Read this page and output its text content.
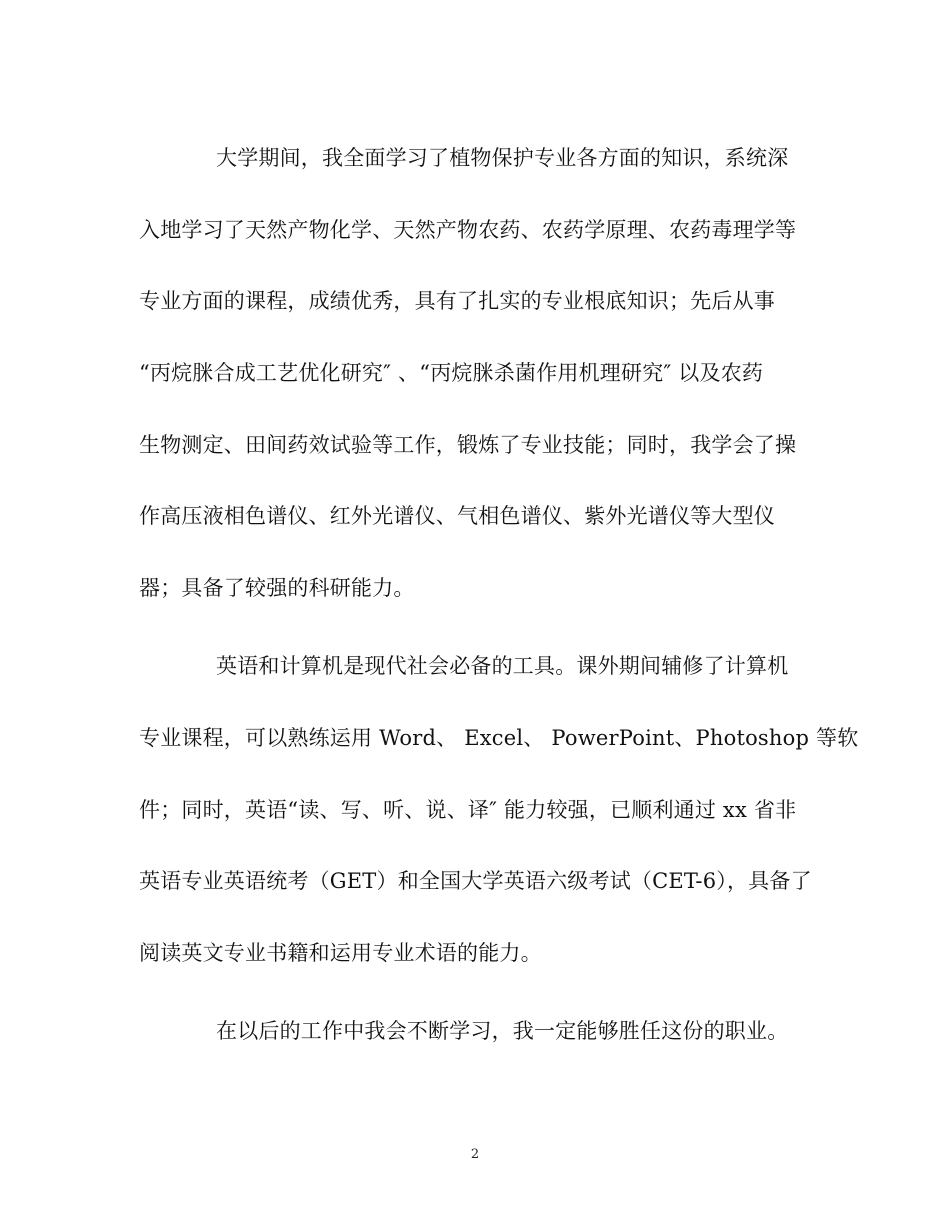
大学期间，我全面学习了植物保护专业各方面的知识，系统深
入地学习了天然产物化学、天然产物农药、农药学原理、农药毒理学等
专业方面的课程，成绩优秀，具有了扎实的专业根底知识；先后从事
“丙烷脒合成工艺优化研究″ 、“丙烷脒杀菌作用机理研究″ 以及农药
生物测定、田间药效试验等工作，锻炼了专业技能；同时，我学会了操
作高压液相色谱仪、红外光谱仪、气相色谱仪、紫外光谱仪等大型仪
器；具备了较强的科研能力。
英语和计算机是现代社会必备的工具。课外期间辅修了计算机
专业课程，可以熟练运用 Word、 Excel、 PowerPoint、Photoshop 等软
件；同时，英语“读、写、听、说、译″ 能力较强，已顺利通过 xx 省非
英语专业英语统考（GET）和全国大学英语六级考试（CET-6），具备了
阅读英文专业书籍和运用专业术语的能力。
在以后的工作中我会不断学习，我一定能够胜任这份的职业。
2
